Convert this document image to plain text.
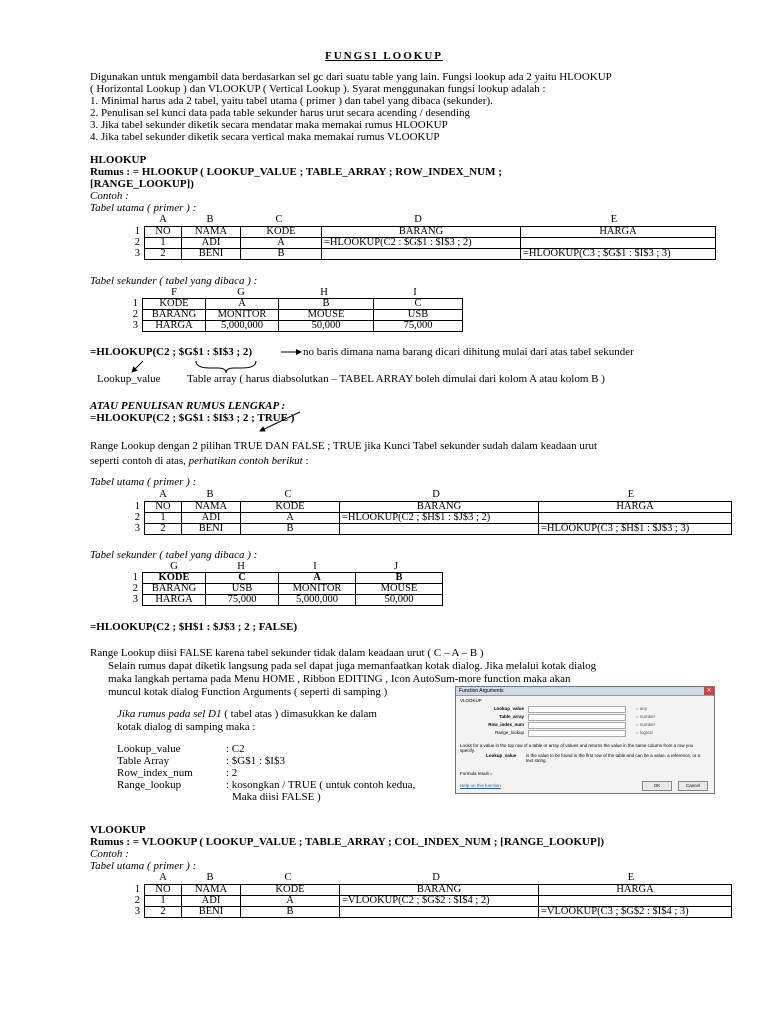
FUNGSI LOOKUP
Digunakan untuk mengambil data berdasarkan sel gc dari suatu table yang lain. Fungsi lookup ada 2 yaitu HLOOKUP
( Horizontal Lookup ) dan VLOOKUP ( Vertical Lookup ). Syarat menggunakan fungsi lookup adalah :
1. Minimal harus ada 2 tabel, yaitu tabel utama ( primer ) dan tabel yang dibaca (sekunder).
2. Penulisan sel kunci data pada table sekunder harus urut secara acending / desending
3. Jika tabel sekunder diketik secara mendatar maka memakai rumus HLOOKUP
4. Jika tabel sekunder diketik secara vertical maka memakai rumus VLOOKUP
HLOOKUP
Rumus : = HLOOKUP ( LOOKUP_VALUE ; TABLE_ARRAY ; ROW_INDEX_NUM ;
[RANGE_LOOKUP])
Contoh :
Tabel utama ( primer ) :
A	B	C	D	E
1	NO	NAMA	KODE	BARANG	HARGA
2	1	ADI	A	=HLOOKUP(C2 : $G$1 : $I$3 ; 2)	
3	2	BENI	B		=HLOOKUP(C3 ; $G$1 : $I$3 ; 3)
Tabel sekunder ( tabel yang dibaca ) :
F	G	H	I
1	KODE	A	B	C
2	BARANG	MONITOR	MOUSE	USB
3	HARGA	5,000,000	50,000	75,000
=HLOOKUP(C2 ; $G$1 : $I$3 ; 2)	no baris dimana nama barang dicari dihitung mulai dari atas tabel sekunder
Lookup_value Table array ( harus diabsolutkan – TABEL ARRAY boleh dimulai dari kolom A atau kolom B )
ATAU PENULISAN RUMUS LENGKAP :
=HLOOKUP(C2 ; $G$1 : $I$3 ; 2 ; TRUE )
Range Lookup dengan 2 pilihan TRUE DAN FALSE ; TRUE jika Kunci Tabel sekunder sudah dalam keadaan urut
seperti contoh di atas, perhatikan contoh berikut :
Tabel utama ( primer ) :
A	B	C	D	E
1	NO	NAMA	KODE	BARANG	HARGA
2	1	ADI	A	=HLOOKUP(C2 ; $H$1 : $J$3 ; 2)	
3	2	BENI	B		=HLOOKUP(C3 ; $H$1 : $J$3 ; 3)
Tabel sekunder ( tabel yang dibaca ) :
G	H	I	J
1	KODE	C	A	B
2	BARANG	USB	MONITOR	MOUSE
3	HARGA	75,000	5,000,000	50,000
=HLOOKUP(C2 ; $H$1 : $J$3 ; 2 ; FALSE)
Range Lookup diisi FALSE karena tabel sekunder tidak dalam keadaan urut ( C – A – B )
Selain rumus dapat diketik langsung pada sel dapat juga memanfaatkan kotak dialog. Jika melalui kotak dialog
maka langkah pertama pada Menu HOME , Ribbon EDITING , Icon AutoSum-more function maka akan
muncul kotak dialog Function Arguments ( seperti di samping )
Jika rumus pada sel D1 ( tabel atas ) dimasukkan ke dalam
kotak dialog di samping maka :
Lookup_value	: C2
Table Array	: $G$1 : $I$3
Row_index_num	: 2
Range_lookup	: kosongkan / TRUE ( untuk contoh kedua,
Maka diisi FALSE )
Function Arguments	✕
VLOOKUP
Lookup_value	= any
Table_array	= number
Row_index_num	= number
Range_lookup	= logical
Looks for a value in the top row of a table or array of values and returns the value in the same column from a row you specify.
Lookup_value is the value to be found in the first row of the table and can be a value, a reference, or a text string.
Formula result =
Help on this function	OK	Cancel
VLOOKUP
Rumus : = VLOOKUP ( LOOKUP_VALUE ; TABLE_ARRAY ; COL_INDEX_NUM ; [RANGE_LOOKUP])
Contoh :
Tabel utama ( primer ) :
A	B	C	D	E
1	NO	NAMA	KODE	BARANG	HARGA
2	1	ADI	A	=VLOOKUP(C2 ; $G$2 : $I$4 ; 2)	
3	2	BENI	B		=VLOOKUP(C3 ; $G$2 : $I$4 ; 3)
